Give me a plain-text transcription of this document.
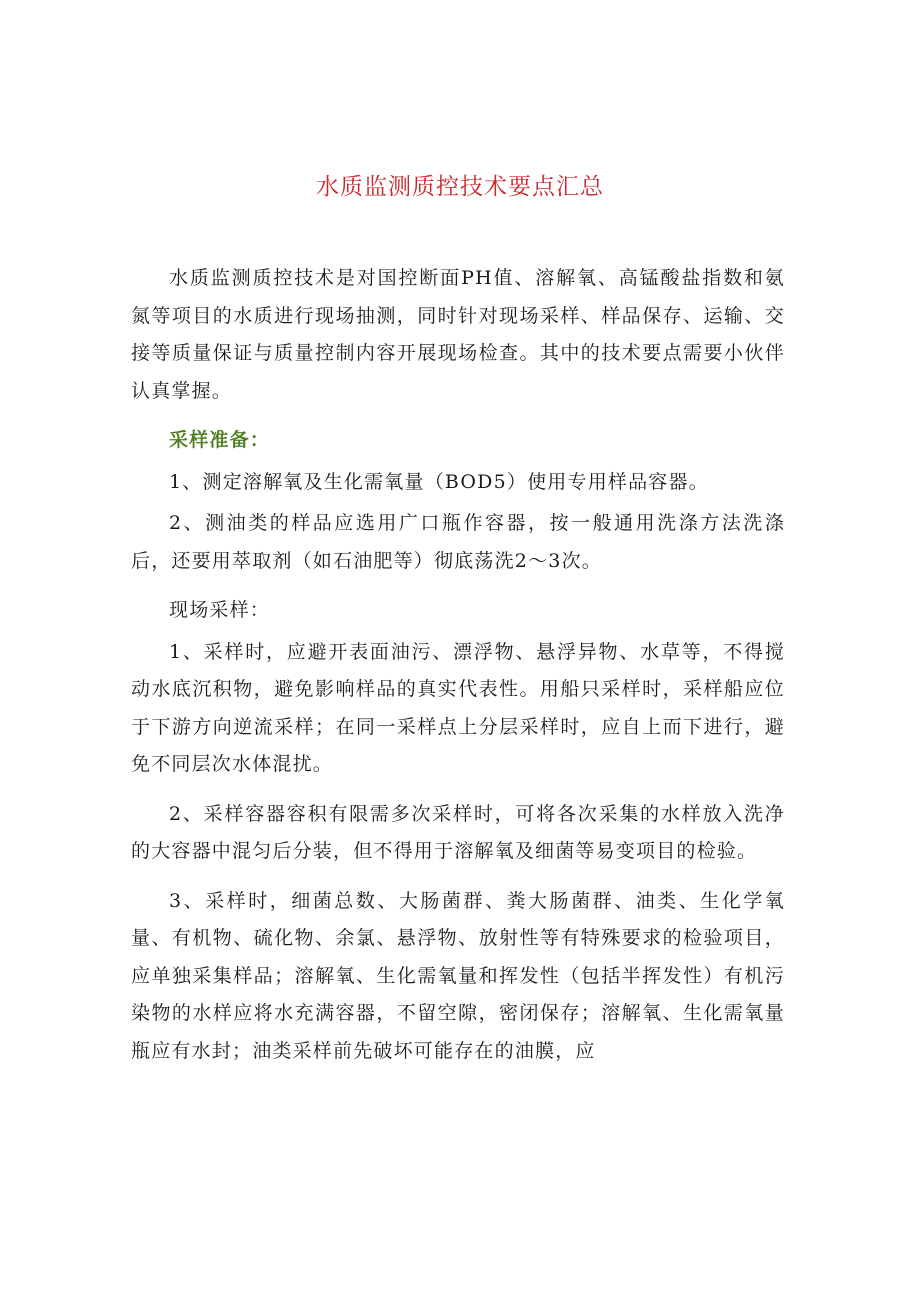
水质监测质控技术要点汇总

水质监测质控技术是对国控断面PH值、溶解氧、高锰酸盐指数和氨氮等项目的水质进行现场抽测，同时针对现场采样、样品保存、运输、交接等质量保证与质量控制内容开展现场检查。其中的技术要点需要小伙伴认真掌握。

采样准备：

1、测定溶解氧及生化需氧量（BOD5）使用专用样品容器。

2、测油类的样品应选用广口瓶作容器，按一般通用洗涤方法洗涤后，还要用萃取剂（如石油肥等）彻底荡洗2～3次。

现场采样：

1、采样时，应避开表面油污、漂浮物、悬浮异物、水草等，不得搅动水底沉积物，避免影响样品的真实代表性。用船只采样时，采样船应位于下游方向逆流采样；在同一采样点上分层采样时，应自上而下进行，避免不同层次水体混扰。

2、采样容器容积有限需多次采样时，可将各次采集的水样放入洗净的大容器中混匀后分装，但不得用于溶解氧及细菌等易变项目的检验。

3、采样时，细菌总数、大肠菌群、粪大肠菌群、油类、生化学氧量、有机物、硫化物、余氯、悬浮物、放射性等有特殊要求的检验项目，应单独采集样品；溶解氧、生化需氧量和挥发性（包括半挥发性）有机污染物的水样应将水充满容器，不留空隙，密闭保存；溶解氧、生化需氧量瓶应有水封；油类采样前先破坏可能存在的油膜，应
